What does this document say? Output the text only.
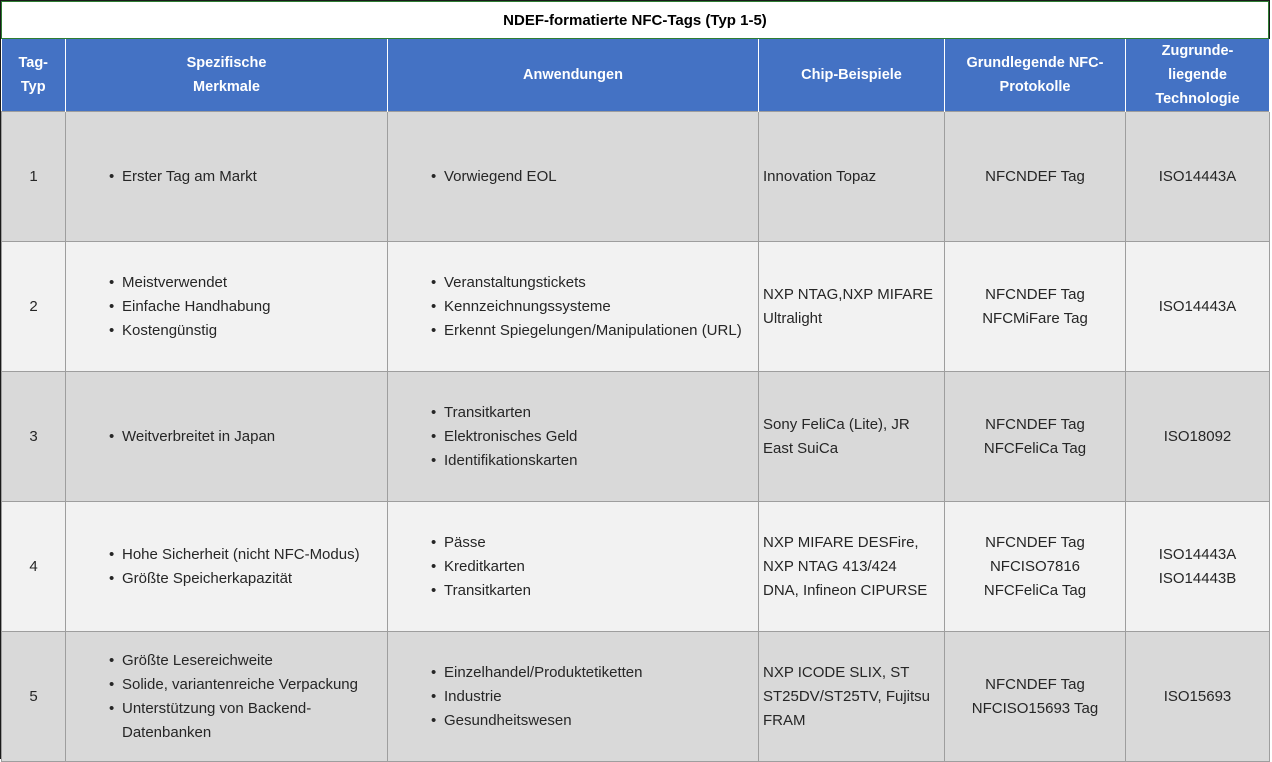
NDEF-formatierte NFC-Tags (Typ 1-5)
Tag-
Typ	Spezifische
Merkmale	Anwendungen	Chip-Beispiele	Grundlegende NFC-
Protokolle	Zugrunde-
liegende
Technologie

1	• Erster Tag am Markt	• Vorwiegend EOL	Innovation Topaz	NFCNDEF Tag	ISO14443A

2	• Meistverwendet
• Einfache Handhabung
• Kostengünstig	• Veranstaltungstickets
• Kennzeichnungssysteme
• Erkennt Spiegelungen/Manipulationen (URL)	NXP NTAG,NXP MIFARE
Ultralight	NFCNDEF Tag
NFCMiFare Tag	ISO14443A

3	• Weitverbreitet in Japan	• Transitkarten
• Elektronisches Geld
• Identifikationskarten	Sony FeliCa (Lite), JR
East SuiCa	NFCNDEF Tag
NFCFeliCa Tag	ISO18092

4	• Hohe Sicherheit (nicht NFC-Modus)
• Größte Speicherkapazität	• Pässe
• Kreditkarten
• Transitkarten	NXP MIFARE DESFire,
NXP NTAG 413/424
DNA, Infineon CIPURSE	NFCNDEF Tag
NFCISO7816
NFCFeliCa Tag	ISO14443A
ISO14443B

5	• Größte Lesereichweite
• Solide, variantenreiche Verpackung
• Unterstützung von Backend-Datenbanken	• Einzelhandel/Produktetiketten
• Industrie
• Gesundheitswesen	NXP ICODE SLIX, ST
ST25DV/ST25TV, Fujitsu
FRAM	NFCNDEF Tag
NFCISO15693 Tag	ISO15693
